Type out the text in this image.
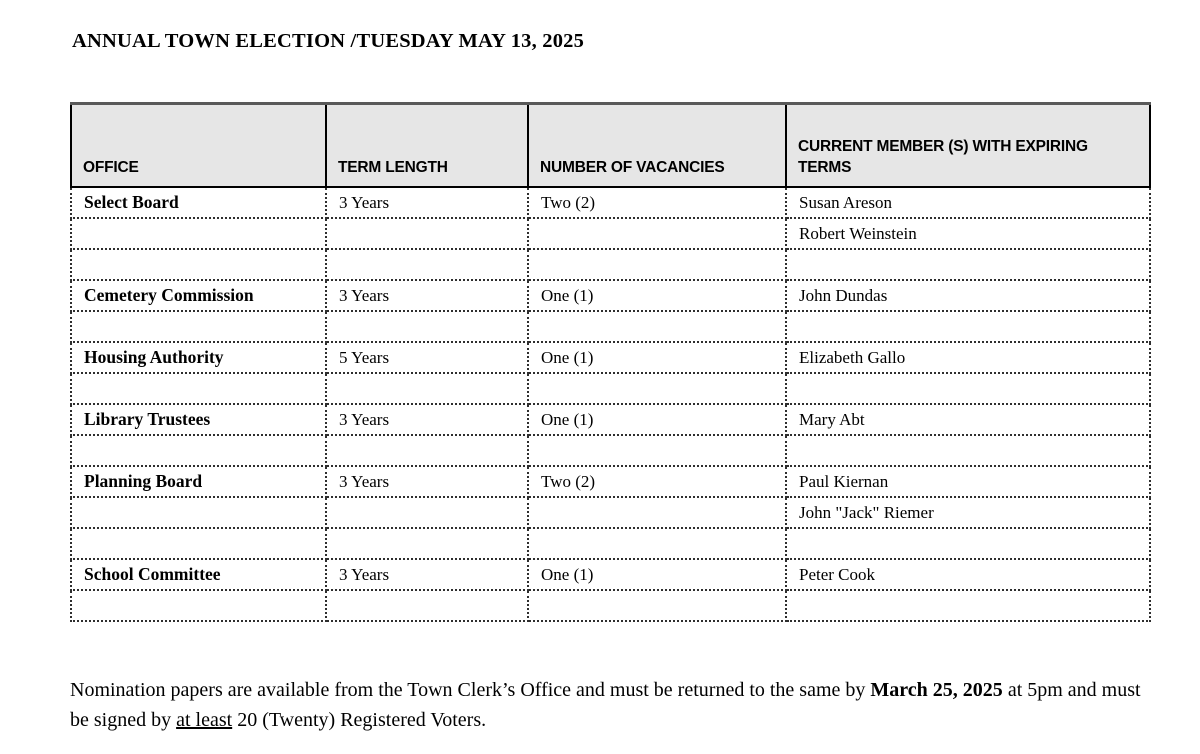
ANNUAL TOWN ELECTION /TUESDAY MAY 13, 2025
OFFICE	TERM LENGTH	NUMBER OF VACANCIES	CURRENT MEMBER (S) WITH EXPIRING TERMS

Select Board	3 Years	Two (2)	Susan Areson
			Robert Weinstein

Cemetery Commission	3 Years	One (1)	John Dundas

Housing Authority	5 Years	One (1)	Elizabeth Gallo

Library Trustees	3 Years	One (1)	Mary Abt

Planning Board	3 Years	Two (2)	Paul Kiernan
			John "Jack" Riemer

School Committee	3 Years	One (1)	Peter Cook

Nomination papers are available from the Town Clerk’s Office and must be returned to the same by March 25, 2025 at 5pm and must be signed by at least 20 (Twenty) Registered Voters.
